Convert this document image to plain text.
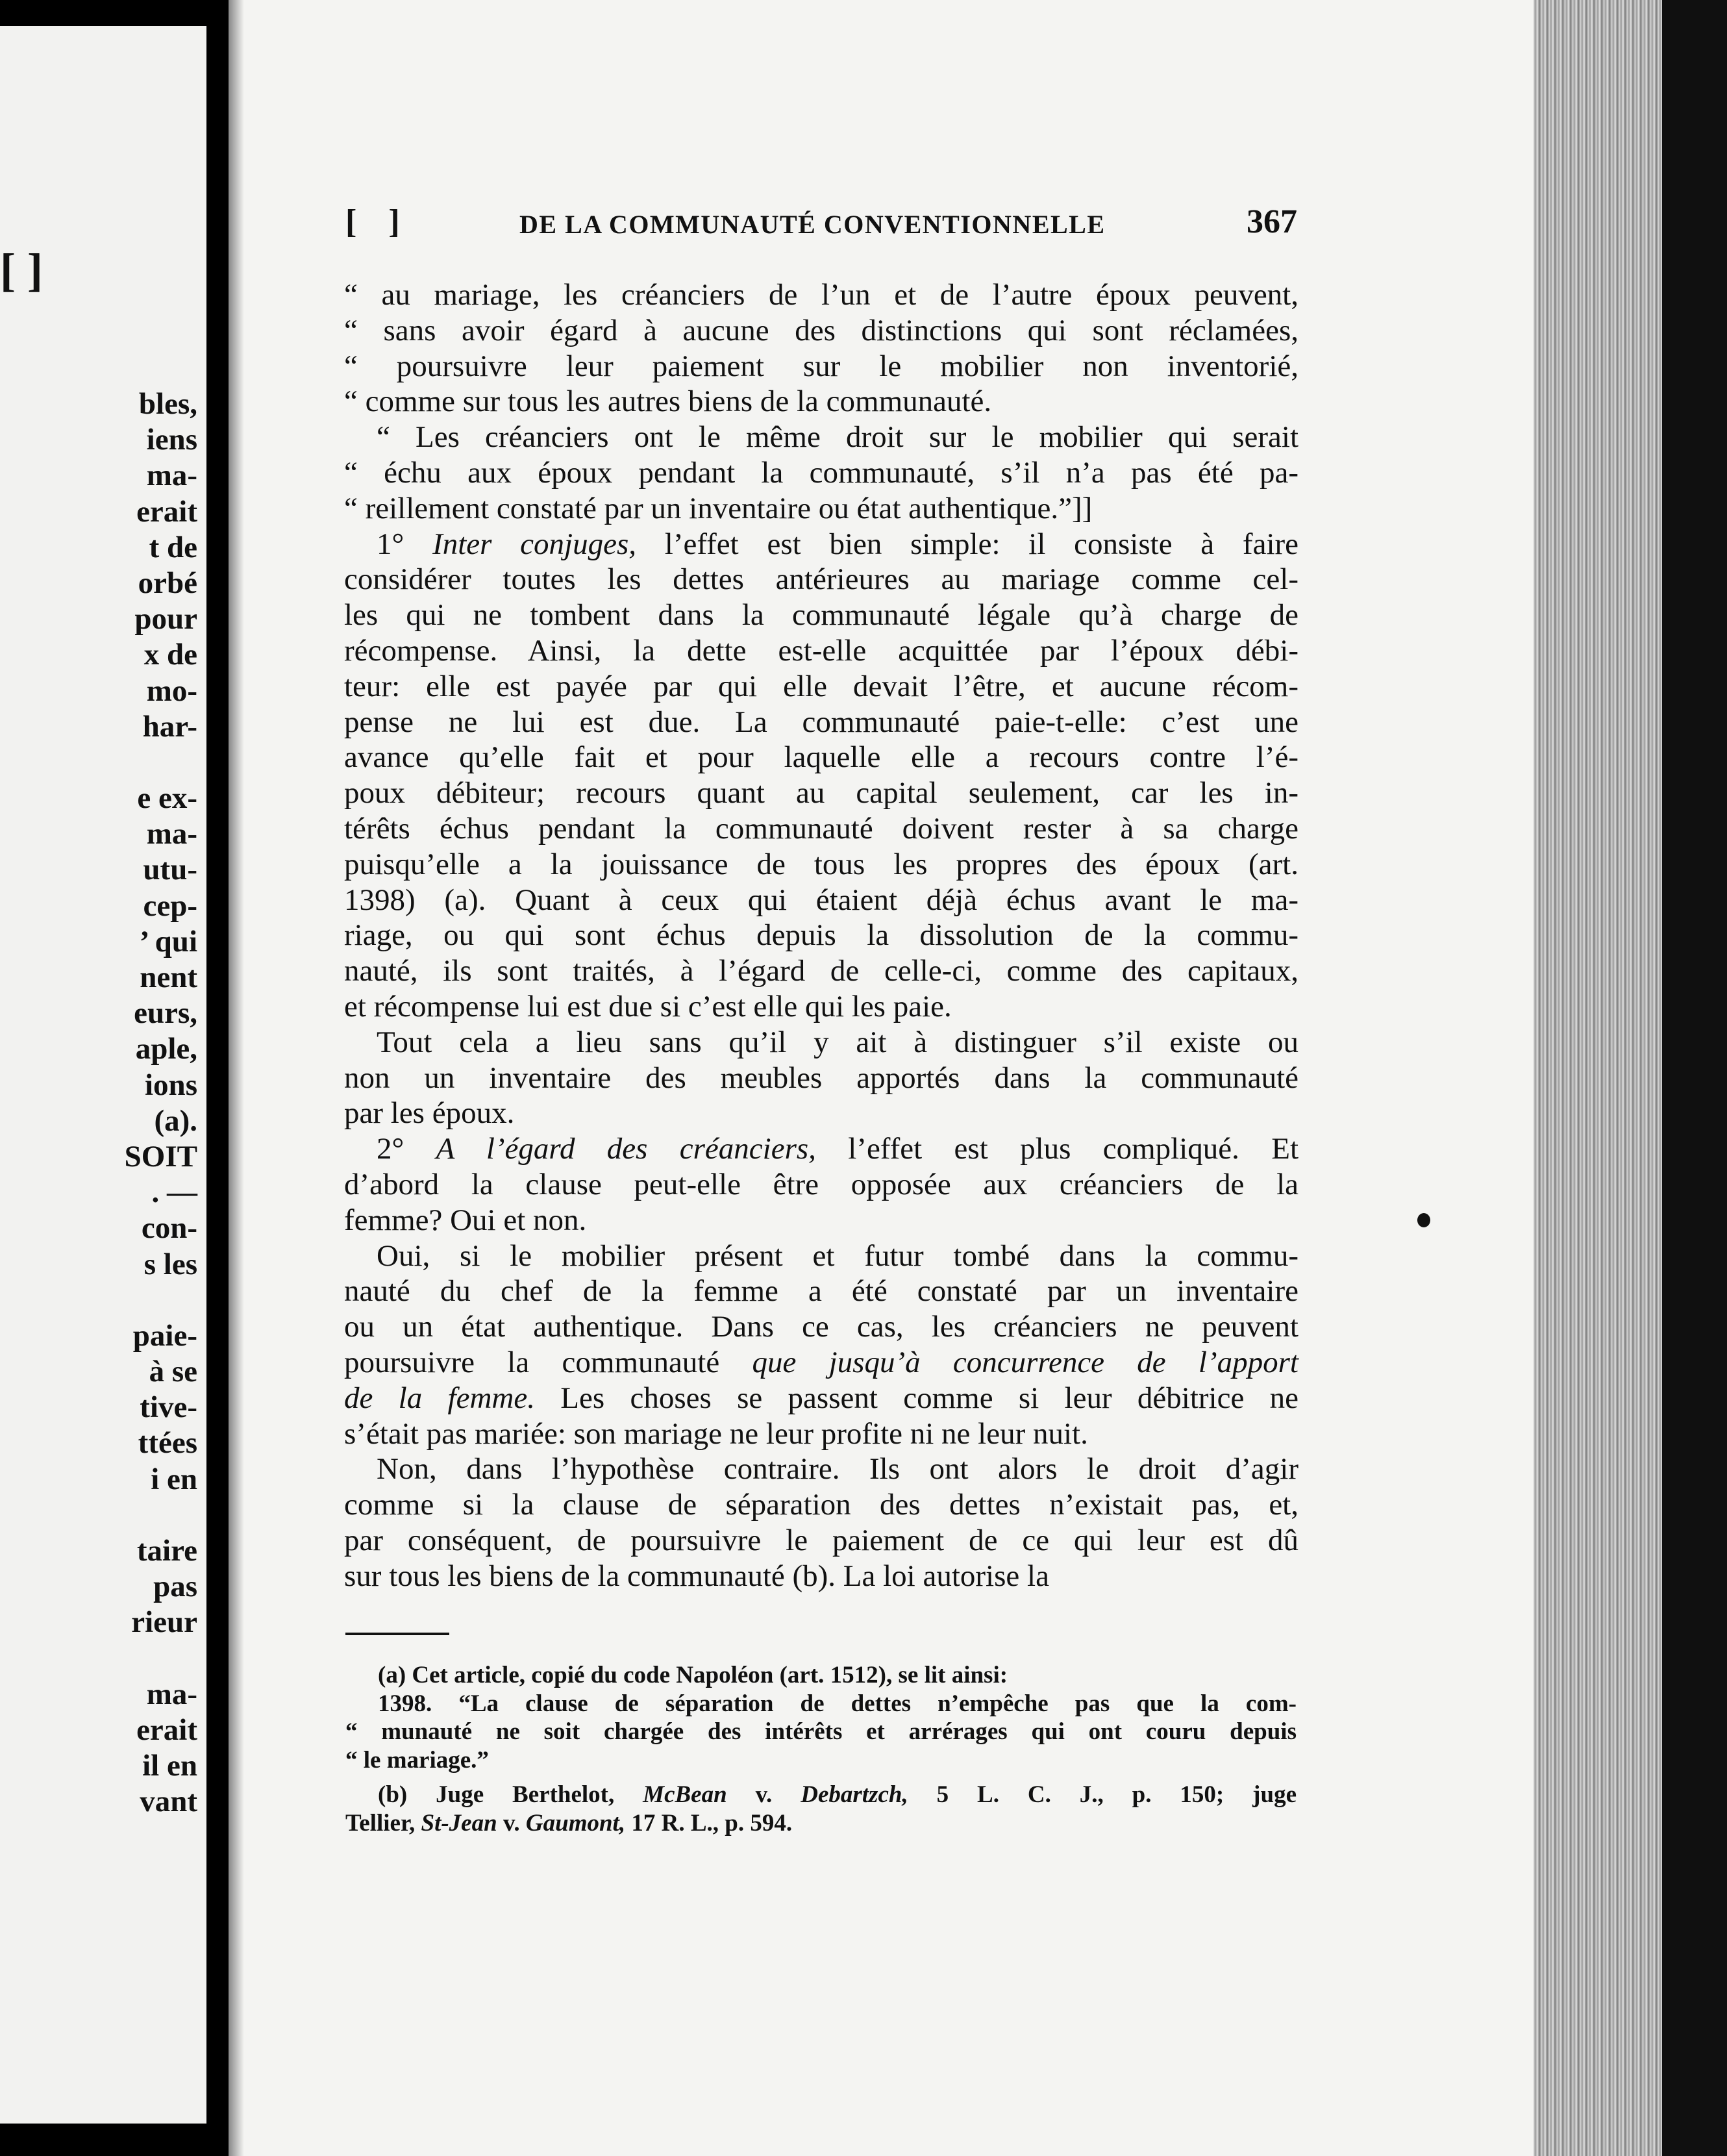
[ ]
bles,
iens
ma-
erait
t de
orbé
pour
x de
mo-
har-
e ex-
ma-
utu-
cep-
’ qui
nent
eurs,
aple,
ions
(a).
SOIT
. —
con-
s les
paie-
à se
tive-
ttées
i en
taire
pas
rieur
ma-
erait
il en
vant
[ ]	DE LA COMMUNAUTÉ CONVENTIONNELLE	367
“ au mariage, les créanciers de l’un et de l’autre époux peuvent,
“ sans avoir égard à aucune des distinctions qui sont réclamées,
“ poursuivre leur paiement sur le mobilier non inventorié,
“ comme sur tous les autres biens de la communauté.
“ Les créanciers ont le même droit sur le mobilier qui serait
“ échu aux époux pendant la communauté, s’il n’a pas été pa-
“ reillement constaté par un inventaire ou état authentique.”]]
1° Inter conjuges, l’effet est bien simple: il consiste à faire
considérer toutes les dettes antérieures au mariage comme cel-
les qui ne tombent dans la communauté légale qu’à charge de
récompense. Ainsi, la dette est-elle acquittée par l’époux débi-
teur: elle est payée par qui elle devait l’être, et aucune récom-
pense ne lui est due. La communauté paie-t-elle: c’est une
avance qu’elle fait et pour laquelle elle a recours contre l’é-
poux débiteur; recours quant au capital seulement, car les in-
térêts échus pendant la communauté doivent rester à sa charge
puisqu’elle a la jouissance de tous les propres des époux (art.
1398) (a). Quant à ceux qui étaient déjà échus avant le ma-
riage, ou qui sont échus depuis la dissolution de la commu-
nauté, ils sont traités, à l’égard de celle-ci, comme des capitaux,
et récompense lui est due si c’est elle qui les paie.
Tout cela a lieu sans qu’il y ait à distinguer s’il existe ou
non un inventaire des meubles apportés dans la communauté
par les époux.
2° A l’égard des créanciers, l’effet est plus compliqué. Et
d’abord la clause peut-elle être opposée aux créanciers de la
femme? Oui et non.
Oui, si le mobilier présent et futur tombé dans la commu-
nauté du chef de la femme a été constaté par un inventaire
ou un état authentique. Dans ce cas, les créanciers ne peuvent
poursuivre la communauté que jusqu’à concurrence de l’apport
de la femme. Les choses se passent comme si leur débitrice ne
s’était pas mariée: son mariage ne leur profite ni ne leur nuit.
Non, dans l’hypothèse contraire. Ils ont alors le droit d’agir
comme si la clause de séparation des dettes n’existait pas, et,
par conséquent, de poursuivre le paiement de ce qui leur est dû
sur tous les biens de la communauté (b). La loi autorise la
(a) Cet article, copié du code Napoléon (art. 1512), se lit ainsi:
1398. “La clause de séparation de dettes n’empêche pas que la com-
“ munauté ne soit chargée des intérêts et arrérages qui ont couru depuis
“ le mariage.”
(b) Juge Berthelot, McBean v. Debartzch, 5 L. C. J., p. 150; juge
Tellier, St-Jean v. Gaumont, 17 R. L., p. 594.
